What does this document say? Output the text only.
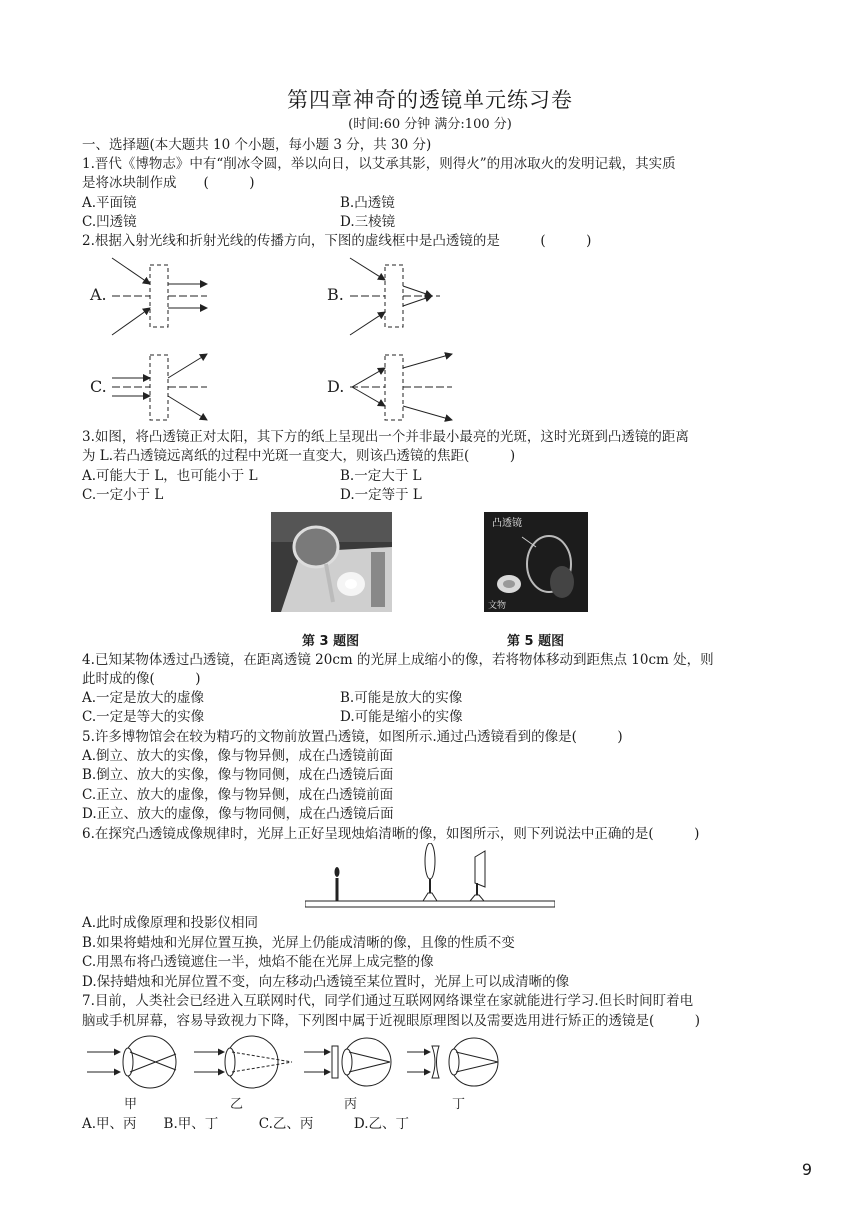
第四章神奇的透镜单元练习卷
(时间:60 分钟 满分:100 分)
一、选择题(本大题共 10 个小题，每小题 3 分，共 30 分)
1.晋代《博物志》中有“削冰令圆，举以向日，以艾承其影，则得火”的用冰取火的发明记载，其实质
是将冰块制作成　　(　　　)
A.平面镜	B.凸透镜
C.凹透镜	D.三棱镜
2.根据入射光线和折射光线的传播方向，下图的虚线框中是凸透镜的是　　　(　　　)
A.	B.
C.	D.
3.如图，将凸透镜正对太阳，其下方的纸上呈现出一个并非最小最亮的光斑，这时光斑到凸透镜的距离
为 L.若凸透镜远离纸的过程中光斑一直变大，则该凸透镜的焦距(　　　)
A.可能大于 L，也可能小于 L	B.一定大于 L
C.一定小于 L	D.一定等于 L
凸透镜
文物
第 3 题图	第 5 题图
4.已知某物体透过凸透镜，在距离透镜 20cm 的光屏上成缩小的像，若将物体移动到距焦点 10cm 处，则
此时成的像(　　　)
A.一定是放大的虚像	B.可能是放大的实像
C.一定是等大的实像	D.可能是缩小的实像
5.许多博物馆会在较为精巧的文物前放置凸透镜，如图所示.通过凸透镜看到的像是(　　　)
A.倒立、放大的实像，像与物异侧，成在凸透镜前面
B.倒立、放大的实像，像与物同侧，成在凸透镜后面
C.正立、放大的虚像，像与物异侧，成在凸透镜前面
D.正立、放大的虚像，像与物同侧，成在凸透镜后面
6.在探究凸透镜成像规律时，光屏上正好呈现烛焰清晰的像，如图所示，则下列说法中正确的是(　　　)
A.此时成像原理和投影仪相同
B.如果将蜡烛和光屏位置互换，光屏上仍能成清晰的像，且像的性质不变
C.用黑布将凸透镜遮住一半，烛焰不能在光屏上成完整的像
D.保持蜡烛和光屏位置不变，向左移动凸透镜至某位置时，光屏上可以成清晰的像
7.目前，人类社会已经进入互联网时代，同学们通过互联网网络课堂在家就能进行学习.但长时间盯着电
脑或手机屏幕，容易导致视力下降，下列图中属于近视眼原理图以及需要选用进行矫正的透镜是(　　　)
甲	乙	丙	丁
A.甲、丙　　B.甲、丁　　　C.乙、丙　　　D.乙、丁
9
